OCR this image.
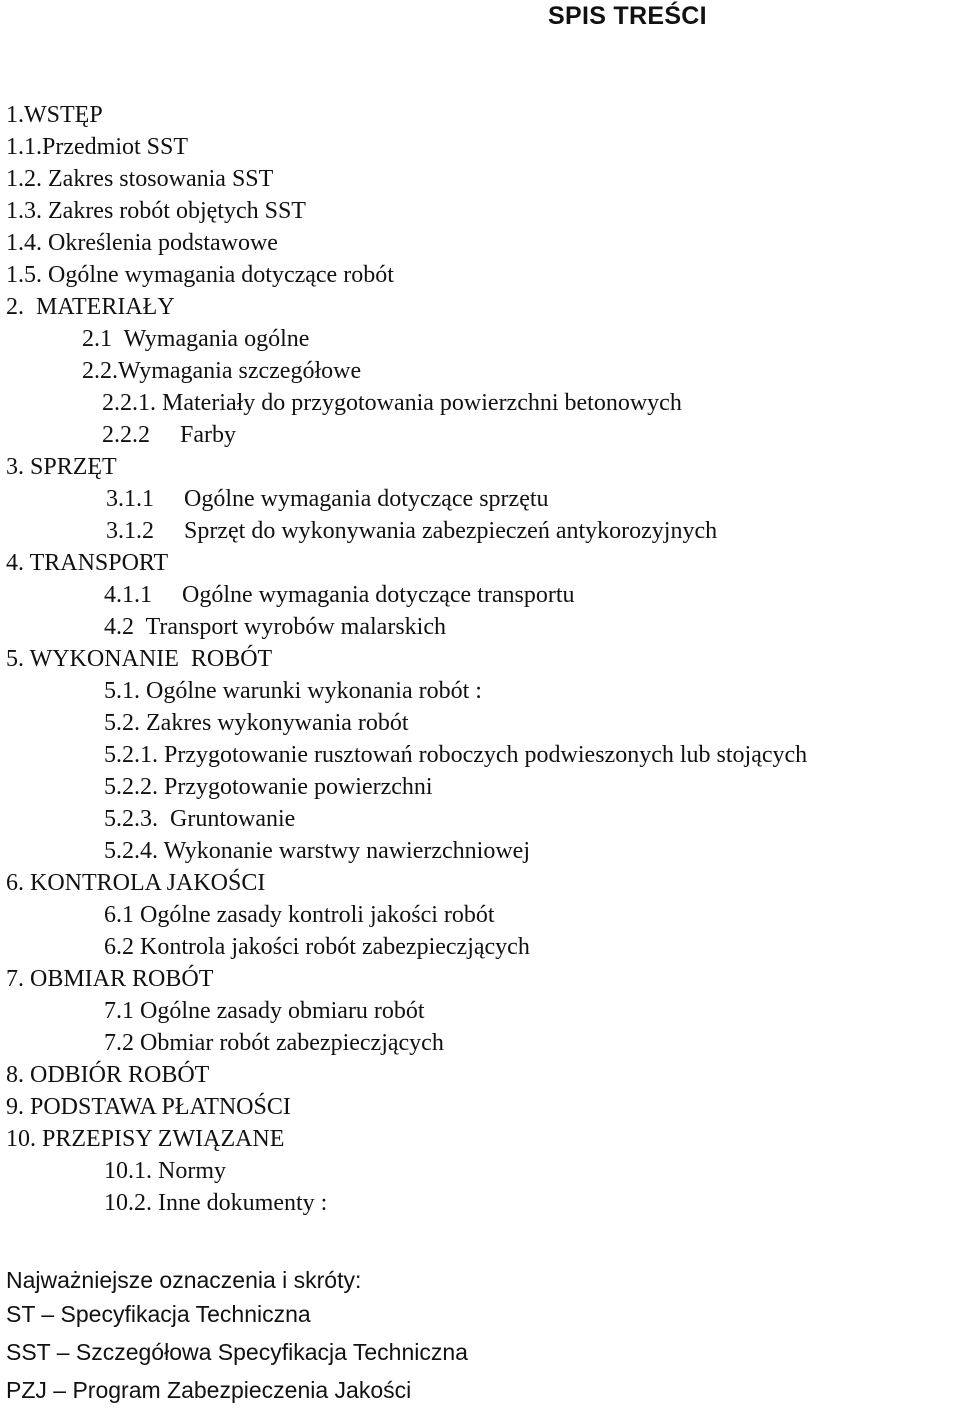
SPIS TREŚCI
1.WSTĘP
1.1.Przedmiot SST
1.2. Zakres stosowania SST
1.3. Zakres robót objętych SST
1.4. Określenia podstawowe
1.5. Ogólne wymagania dotyczące robót
2.  MATERIAŁY
2.1  Wymagania ogólne
2.2.Wymagania szczegółowe
2.2.1. Materiały do przygotowania powierzchni betonowych
2.2.2     Farby
3. SPRZĘT
3.1.1     Ogólne wymagania dotyczące sprzętu
3.1.2     Sprzęt do wykonywania zabezpieczeń antykorozyjnych
4. TRANSPORT
4.1.1     Ogólne wymagania dotyczące transportu
4.2  Transport wyrobów malarskich
5. WYKONANIE  ROBÓT
5.1. Ogólne warunki wykonania robót :
5.2. Zakres wykonywania robót
5.2.1. Przygotowanie rusztowań roboczych podwieszonych lub stojących
5.2.2. Przygotowanie powierzchni
5.2.3.  Gruntowanie
5.2.4. Wykonanie warstwy nawierzchniowej
6. KONTROLA JAKOŚCI
6.1 Ogólne zasady kontroli jakości robót
6.2 Kontrola jakości robót zabezpieczjących
7. OBMIAR ROBÓT
7.1 Ogólne zasady obmiaru robót
7.2 Obmiar robót zabezpieczjących
8. ODBIÓR ROBÓT
9. PODSTAWA PŁATNOŚCI
10. PRZEPISY ZWIĄZANE
10.1. Normy
10.2. Inne dokumenty :
Najważniejsze oznaczenia i skróty:
ST – Specyfikacja Techniczna
SST – Szczegółowa Specyfikacja Techniczna
PZJ – Program Zabezpieczenia Jakości
